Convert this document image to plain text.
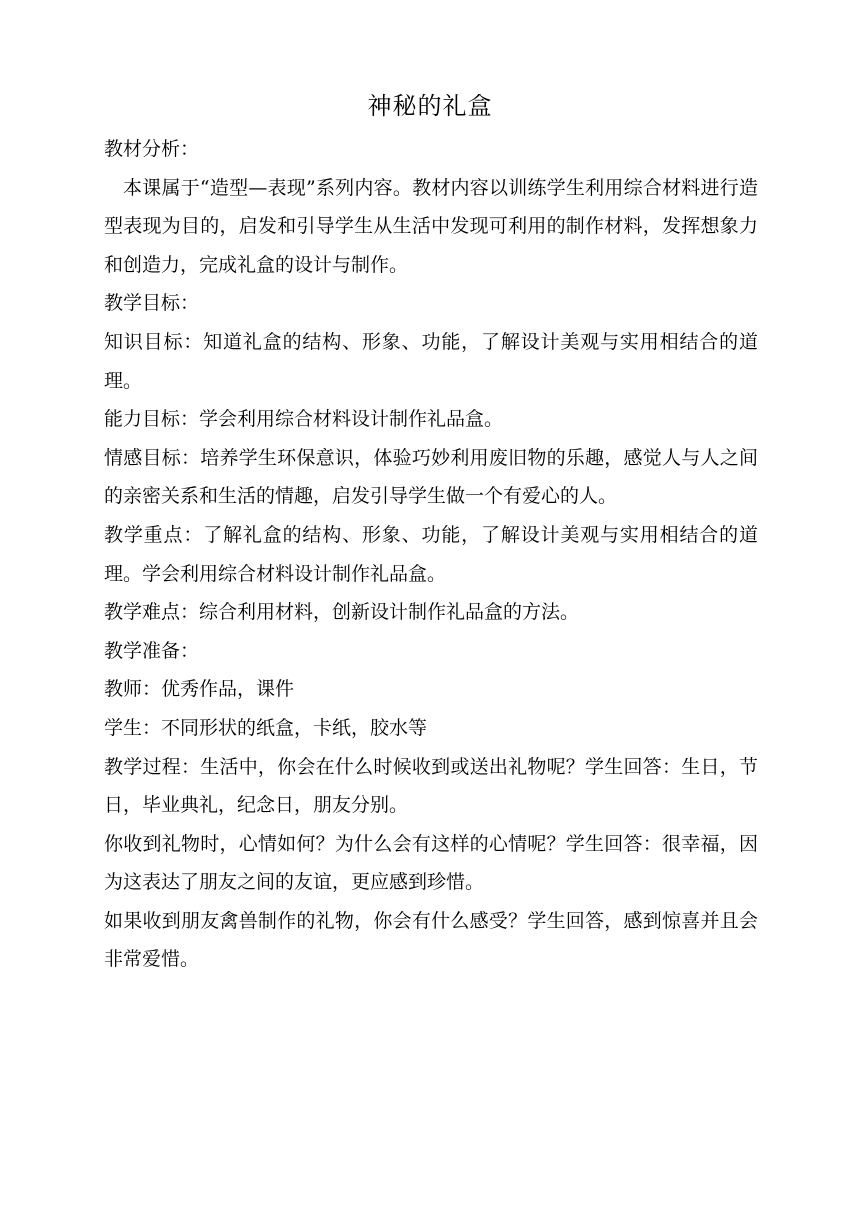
神秘的礼盒

教材分析：

本课属于“造型—表现”系列内容。教材内容以训练学生利用综合材料进行造型表现为目的，启发和引导学生从生活中发现可利用的制作材料，发挥想象力和创造力，完成礼盒的设计与制作。

教学目标：

知识目标：知道礼盒的结构、形象、功能，了解设计美观与实用相结合的道理。

能力目标：学会利用综合材料设计制作礼品盒。

情感目标：培养学生环保意识，体验巧妙利用废旧物的乐趣，感觉人与人之间的亲密关系和生活的情趣，启发引导学生做一个有爱心的人。

教学重点：了解礼盒的结构、形象、功能，了解设计美观与实用相结合的道理。学会利用综合材料设计制作礼品盒。

教学难点：综合利用材料，创新设计制作礼品盒的方法。

教学准备：

教师：优秀作品，课件

学生：不同形状的纸盒，卡纸，胶水等

教学过程：生活中，你会在什么时候收到或送出礼物呢？学生回答：生日，节日，毕业典礼，纪念日，朋友分别。

你收到礼物时，心情如何？为什么会有这样的心情呢？学生回答：很幸福，因为这表达了朋友之间的友谊，更应感到珍惜。

如果收到朋友禽兽制作的礼物，你会有什么感受？学生回答，感到惊喜并且会非常爱惜。
